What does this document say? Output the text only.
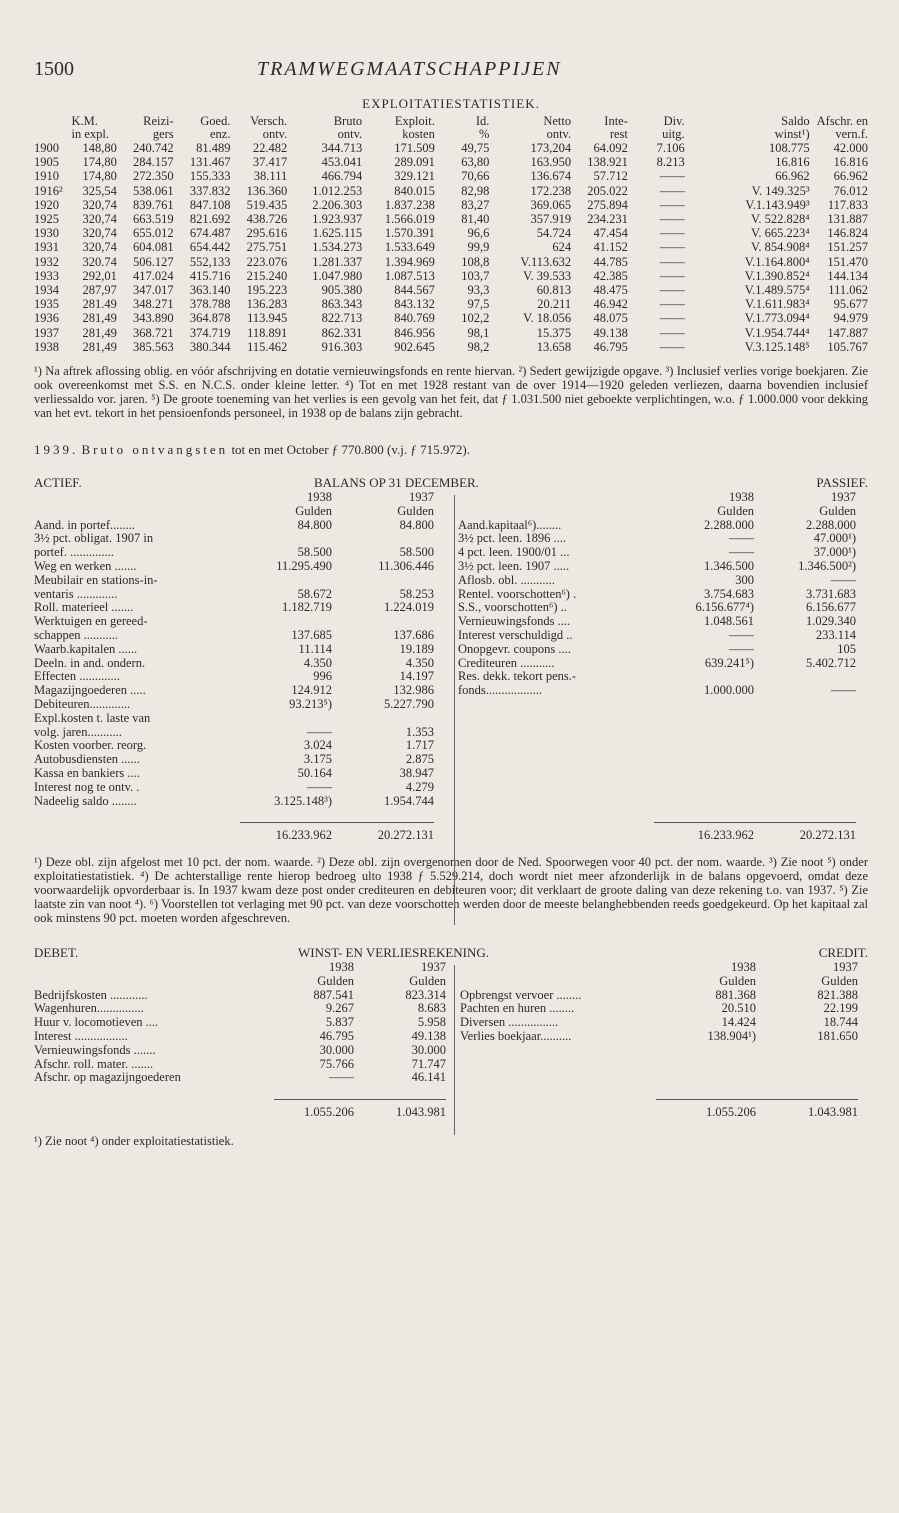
1500	TRAMWEGMAATSCHAPPIJEN
EXPLOITATIESTATISTIEK.
	K.M.	Reizi-	Goed.	Versch.	Bruto	Exploit.	Id.	Netto	Inte-	Div.	Saldo	Afschr. en
	in expl.	gers	enz.	ontv.	ontv.	kosten	%	ontv.	rest	uitg.	winst¹)	vern.f.
1900	148,80	240.742	81.489	22.482	344.713	171.509	49,75	173,204	64.092	7.106	108.775	42.000
1905	174,80	284.157	131.467	37.417	453.041	289.091	63,80	163.950	138.921	8.213	16.816	16.816
1910	174,80	272.350	155.333	38.111	466.794	329.121	70,66	136.674	57.712	——	66.962	66.962
1916²	325,54	538.061	337.832	136.360	1.012.253	840.015	82,98	172.238	205.022	——	V. 149.325³	76.012
1920	320,74	839.761	847.108	519.435	2.206.303	1.837.238	83,27	369.065	275.894	——	V.1.143.949³	117.833
1925	320,74	663.519	821.692	438.726	1.923.937	1.566.019	81,40	357.919	234.231	——	V. 522.828⁴	131.887
1930	320,74	655.012	674.487	295.616	1.625.115	1.570.391	96,6	54.724	47.454	——	V. 665.223⁴	146.824
1931	320,74	604.081	654.442	275.751	1.534.273	1.533.649	99,9	624	41.152	——	V. 854.908⁴	151.257
1932	320.74	506.127	552,133	223.076	1.281.337	1.394.969	108,8	V.113.632	44.785	——	V.1.164.800⁴	151.470
1933	292,01	417.024	415.716	215.240	1.047.980	1.087.513	103,7	V. 39.533	42.385	——	V.1.390.852⁴	144.134
1934	287,97	347.017	363.140	195.223	905.380	844.567	93,3	60.813	48.475	——	V.1.489.575⁴	111.062
1935	281.49	348.271	378.788	136.283	863.343	843.132	97,5	20.211	46.942	——	V.1.611.983⁴	95.677
1936	281,49	343.890	364.878	113.945	822.713	840.769	102,2	V. 18.056	48.075	——	V.1.773.094⁴	94.979
1937	281,49	368.721	374.719	118.891	862.331	846.956	98,1	15.375	49.138	——	V.1.954.744⁴	147.887
1938	281,49	385.563	380.344	115.462	916.303	902.645	98,2	13.658	46.795	——	V.3.125.148⁵	105.767
¹) Na aftrek aflossing oblig. en vóór afschrijving en dotatie vernieuwingsfonds en rente hiervan. ²) Sedert gewijzigde opgave. ³) Inclusief verlies vorige boekjaren. Zie ook overeenkomst met S.S. en N.C.S. onder kleine letter. ⁴) Tot en met 1928 restant van de over 1914—1920 geleden verliezen, daarna bovendien inclusief verliessaldo vor. jaren. ⁵) De groote toeneming van het verlies is een gevolg van het feit, dat ƒ 1.031.500 niet geboekte verplichtingen, w.o. ƒ 1.000.000 voor dekking van het evt. tekort in het pensioenfonds personeel, in 1938 op de balans zijn gebracht.
1939. Bruto ontvangsten tot en met October ƒ 770.800 (v.j. ƒ 715.972).
ACTIEF.	BALANS OP 31 DECEMBER.	PASSIEF.
	1938	1937
	Gulden	Gulden
Aand. in portef........	84.800	84.800
3½ pct. obligat. 1907 in		
portef. ..............	58.500	58.500
Weg en werken .......	11.295.490	11.306.446
Meubilair en stations-in-		
ventaris .............	58.672	58.253
Roll. materieel .......	1.182.719	1.224.019
Werktuigen en gereed-		
schappen ...........	137.685	137.686
Waarb.kapitalen ......	11.114	19.189
Deeln. in and. ondern.	4.350	4.350
Effecten .............	996	14.197
Magazijngoederen .....	124.912	132.986
Debiteuren.............	93.213⁵)	5.227.790
Expl.kosten t. laste van		
volg. jaren...........	——	1.353
Kosten voorber. reorg.	3.024	1.717
Autobusdiensten ......	3.175	2.875
Kassa en bankiers ....	50.164	38.947
Interest nog te ontv. .	——	4.279
Nadeelig saldo ........	3.125.148³)	1.954.744

	16.233.962	20.272.131
	1938	1937
	Gulden	Gulden
Aand.kapitaal⁶)........	2.288.000	2.288.000
3½ pct. leen. 1896 ....	——	47.000¹)
4 pct. leen. 1900/01 ...	——	37.000¹)
3½ pct. leen. 1907 .....	1.346.500	1.346.500²)
Aflosb. obl. ...........	300	——
Rentel. voorschotten⁶) .	3.754.683	3.731.683
S.S., voorschotten⁶) ..	6.156.677⁴)	6.156.677
Vernieuwingsfonds ....	1.048.561	1.029.340
Interest verschuldigd ..	——	233.114
Onopgevr. coupons ....	——	105
Crediteuren ...........	639.241⁵)	5.402.712
Res. dekk. tekort pens.-		
fonds..................	1.000.000	——

	16.233.962	20.272.131
¹) Deze obl. zijn afgelost met 10 pct. der nom. waarde. ²) Deze obl. zijn overgenomen door de Ned. Spoorwegen voor 40 pct. der nom. waarde. ³) Zie noot ⁵) onder exploitatiestatistiek. ⁴) De achterstallige rente hierop bedroeg ulto 1938 ƒ 5.529.214, doch wordt niet meer afzonderlijk in de balans opgevoerd, omdat deze voorwaardelijk opvorderbaar is. In 1937 kwam deze post onder crediteuren en debiteuren voor; dit verklaart de groote daling van deze rekening t.o. van 1937. ⁵) Zie laatste zin van noot ⁴). ⁶) Voorstellen tot verlaging met 90 pct. van deze voorschotten werden door de meeste belanghebbenden reeds goedgekeurd. Op het kapitaal zal ook minstens 90 pct. moeten worden afgeschreven.
DEBET.	WINST- EN VERLIESREKENING.	CREDIT.
	1938	1937
	Gulden	Gulden
Bedrijfskosten ............	887.541	823.314
Wagenhuren...............	9.267	8.683
Huur v. locomotieven ....	5.837	5.958
Interest .................	46.795	49.138
Vernieuwingsfonds .......	30.000	30.000
Afschr. roll. mater. .......	75.766	71.747
Afschr. op magazijngoederen	——	46.141

	1.055.206	1.043.981
	1938	1937
	Gulden	Gulden
Opbrengst vervoer ........	881.368	821.388
Pachten en huren ........	20.510	22.199
Diversen ................	14.424	18.744
Verlies boekjaar..........	138.904¹)	181.650

	1.055.206	1.043.981
¹) Zie noot ⁴) onder exploitatiestatistiek.
